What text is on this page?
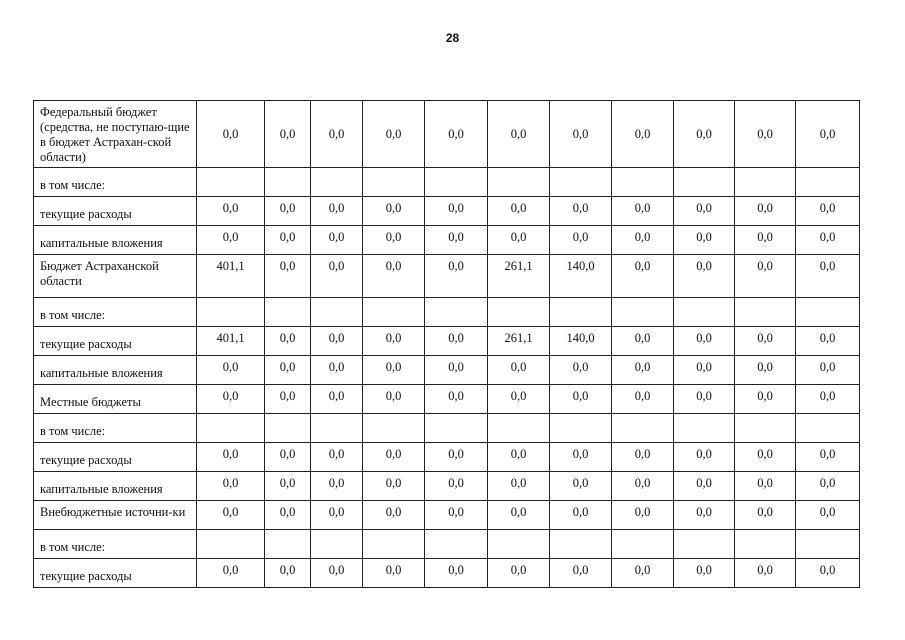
28
Федеральный бюджет (средства, не поступаю-щие в бюджет Астрахан-ской области)	0,0	0,0	0,0	0,0	0,0	0,0	0,0	0,0	0,0	0,0	0,0
в том числе:											
текущие расходы	0,0	0,0	0,0	0,0	0,0	0,0	0,0	0,0	0,0	0,0	0,0
капитальные вложения	0,0	0,0	0,0	0,0	0,0	0,0	0,0	0,0	0,0	0,0	0,0
Бюджет Астраханской области	401,1	0,0	0,0	0,0	0,0	261,1	140,0	0,0	0,0	0,0	0,0
в том числе:											
текущие расходы	401,1	0,0	0,0	0,0	0,0	261,1	140,0	0,0	0,0	0,0	0,0
капитальные вложения	0,0	0,0	0,0	0,0	0,0	0,0	0,0	0,0	0,0	0,0	0,0
Местные бюджеты	0,0	0,0	0,0	0,0	0,0	0,0	0,0	0,0	0,0	0,0	0,0
в том числе:											
текущие расходы	0,0	0,0	0,0	0,0	0,0	0,0	0,0	0,0	0,0	0,0	0,0
капитальные вложения	0,0	0,0	0,0	0,0	0,0	0,0	0,0	0,0	0,0	0,0	0,0
Внебюджетные источни-ки	0,0	0,0	0,0	0,0	0,0	0,0	0,0	0,0	0,0	0,0	0,0
в том числе:											
текущие расходы	0,0	0,0	0,0	0,0	0,0	0,0	0,0	0,0	0,0	0,0	0,0
